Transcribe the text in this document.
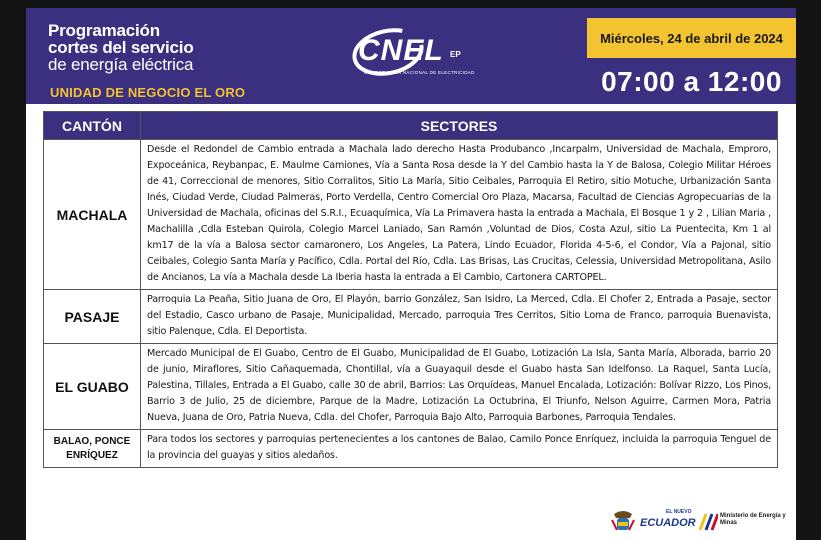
Programación
cortes del servicio
de energía eléctrica
UNIDAD DE NEGOCIO EL ORO
CNEL EP
CORPORACIÓN NACIONAL DE ELECTRICIDAD
Miércoles, 24 de abril de 2024
07:00 a 12:00
CANTÓN	SECTORES
MACHALA	Desde el Redondel de Cambio entrada a Machala lado derecho Hasta Produbanco ,Incarpalm, Universidad de Machala, Emproro, Expoceánica, Reybanpac, E. Maulme Camiones, Vía a Santa Rosa desde la Y del Cambio hasta la Y de Balosa, Colegio Militar Héroes de 41, Correccional de menores, Sitio Corralitos, Sitio La María, Sitio Ceibales, Parroquia El Retiro, sitio Motuche, Urbanización Santa Inés, Ciudad Verde, Ciudad Palmeras, Porto Verdella, Centro Comercial Oro Plaza, Macarsa, Facultad de Ciencias Agropecuarias de la Universidad de Machala, oficinas del S.R.I., Ecuaquímica, Vía La Primavera hasta la entrada a Machala, El Bosque 1 y 2 , Lilian Maria , Machalilla ,Cdla Esteban Quirola, Colegio Marcel Laniado, San Ramón ,Voluntad de Dios, Costa Azul, sitio La Puentecita, Km 1 al km17 de la vía a Balosa sector camaronero, Los Angeles, La Patera, Lindo Ecuador, Florida 4-5-6, el Condor, Vía a Pajonal, sitio Ceibales, Colegio Santa María y Pacífico, Cdla. Portal del Río, Cdla. Las Brisas, Las Crucitas, Celessia, Universidad Metropolitana, Asilo de Ancianos, La vía a Machala desde La Iberia hasta la entrada a El Cambio, Cartonera CARTOPEL.
PASAJE	Parroquia La Peaña, Sitio Juana de Oro, El Playón, barrio González, San Isidro, La Merced, Cdla. El Chofer 2, Entrada a Pasaje, sector del Estadio, Casco urbano de Pasaje, Municipalidad, Mercado, parroquia Tres Cerritos, Sitio Loma de Franco, parroquia Buenavista, sitio Palenque, Cdla. El Deportista.
EL GUABO	Mercado Municipal de El Guabo, Centro de El Guabo, Municipalidad de El Guabo, Lotización La Isla, Santa María, Alborada, barrio 20 de junio, Miraflores, Sitio Cañaquemada, Chontillal, vía a Guayaquil desde el Guabo hasta San Idelfonso. La Raquel, Santa Lucía, Palestina, Tillales, Entrada a El Guabo, calle 30 de abril, Barrios: Las Orquídeas, Manuel Encalada, Lotización: Bolívar Rizzo, Los Pinos, Barrio 3 de Julio, 25 de diciembre, Parque de la Madre, Lotización La Octubrina, El Triunfo, Nelson Aguirre, Carmen Mora, Patria Nueva, Juana de Oro, Patria Nueva, Cdla. del Chofer, Parroquia Bajo Alto, Parroquia Barbones, Parroquia Tendales.
BALAO, PONCE ENRÍQUEZ	Para todos los sectores y parroquias pertenecientes a los cantones de Balao, Camilo Ponce Enríquez, incluida la parroquia Tenguel de la provincia del guayas y sitios aledaños.
EL NUEVO
ECUADOR
Ministerio de Energía y Minas
